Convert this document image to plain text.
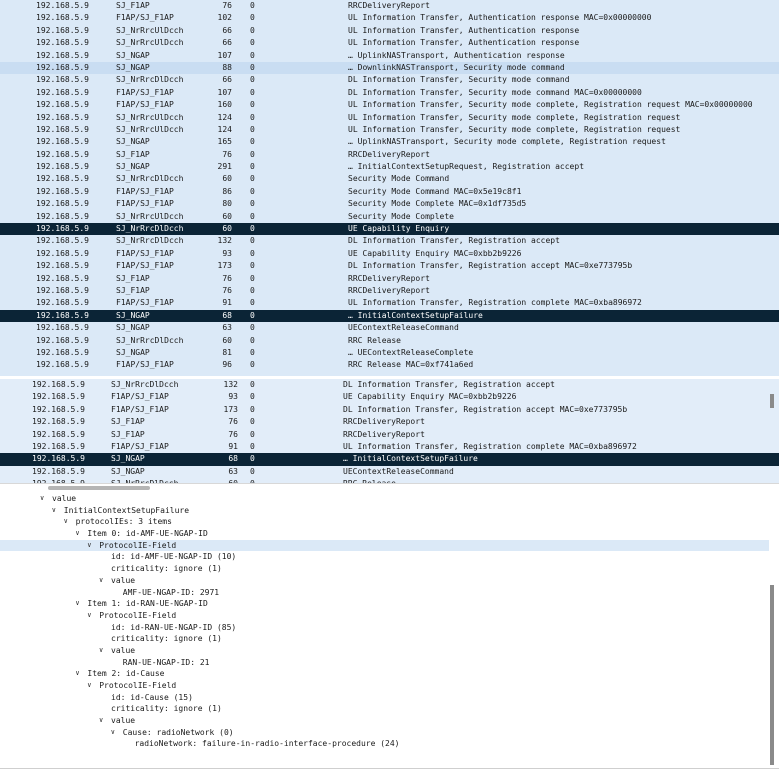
192.168.5.9	SJ_F1AP	76 0	RRCDeliveryReport
192.168.5.9	F1AP/SJ_F1AP	102 0	UL Information Transfer, Authentication response MAC=0x00000000
192.168.5.9	SJ_NrRrcUlDcch	66 0	UL Information Transfer, Authentication response
192.168.5.9	SJ_NrRrcUlDcch	66 0	UL Information Transfer, Authentication response
192.168.5.9	SJ_NGAP	107 0	… UplinkNASTransport, Authentication response
192.168.5.9	SJ_NGAP	88 0	… DownlinkNASTransport, Security mode command
192.168.5.9	SJ_NrRrcDlDcch	66 0	DL Information Transfer, Security mode command
192.168.5.9	F1AP/SJ_F1AP	107 0	DL Information Transfer, Security mode command MAC=0x00000000
192.168.5.9	F1AP/SJ_F1AP	160 0	UL Information Transfer, Security mode complete, Registration request MAC=0x00000000
192.168.5.9	SJ_NrRrcUlDcch	124 0	UL Information Transfer, Security mode complete, Registration request
192.168.5.9	SJ_NrRrcUlDcch	124 0	UL Information Transfer, Security mode complete, Registration request
192.168.5.9	SJ_NGAP	165 0	… UplinkNASTransport, Security mode complete, Registration request
192.168.5.9	SJ_F1AP	76 0	RRCDeliveryReport
192.168.5.9	SJ_NGAP	291 0	… InitialContextSetupRequest, Registration accept
192.168.5.9	SJ_NrRrcDlDcch	60 0	Security Mode Command
192.168.5.9	F1AP/SJ_F1AP	86 0	Security Mode Command MAC=0x5e19c8f1
192.168.5.9	F1AP/SJ_F1AP	80 0	Security Mode Complete MAC=0x1df735d5
192.168.5.9	SJ_NrRrcUlDcch	60 0	Security Mode Complete
192.168.5.9	SJ_NrRrcDlDcch	60 0	UE Capability Enquiry
192.168.5.9	SJ_NrRrcDlDcch	132 0	DL Information Transfer, Registration accept
192.168.5.9	F1AP/SJ_F1AP	93 0	UE Capability Enquiry MAC=0xbb2b9226
192.168.5.9	F1AP/SJ_F1AP	173 0	DL Information Transfer, Registration accept MAC=0xe773795b
192.168.5.9	SJ_F1AP	76 0	RRCDeliveryReport
192.168.5.9	SJ_F1AP	76 0	RRCDeliveryReport
192.168.5.9	F1AP/SJ_F1AP	91 0	UL Information Transfer, Registration complete MAC=0xba896972
192.168.5.9	SJ_NGAP	68 0	… InitialContextSetupFailure
192.168.5.9	SJ_NGAP	63 0	UEContextReleaseCommand
192.168.5.9	SJ_NrRrcDlDcch	60 0	RRC Release
192.168.5.9	SJ_NGAP	81 0	… UEContextReleaseComplete
192.168.5.9	F1AP/SJ_F1AP	96 0	RRC Release MAC=0xf741a6ed
192.168.5.9	SJ_NrRrcDlDcch	132 0	DL Information Transfer, Registration accept
192.168.5.9	F1AP/SJ_F1AP	93 0	UE Capability Enquiry MAC=0xbb2b9226
192.168.5.9	F1AP/SJ_F1AP	173 0	DL Information Transfer, Registration accept MAC=0xe773795b
192.168.5.9	SJ_F1AP	76 0	RRCDeliveryReport
192.168.5.9	SJ_F1AP	76 0	RRCDeliveryReport
192.168.5.9	F1AP/SJ_F1AP	91 0	UL Information Transfer, Registration complete MAC=0xba896972
192.168.5.9	SJ_NGAP	68 0	… InitialContextSetupFailure
192.168.5.9	SJ_NGAP	63 0	UEContextReleaseCommand
∨ value
∨ InitialContextSetupFailure
∨ protocolIEs: 3 items
∨ Item 0: id-AMF-UE-NGAP-ID
∨ ProtocolIE-Field
id: id-AMF-UE-NGAP-ID (10)
criticality: ignore (1)
∨ value
AMF-UE-NGAP-ID: 2971
∨ Item 1: id-RAN-UE-NGAP-ID
∨ ProtocolIE-Field
id: id-RAN-UE-NGAP-ID (85)
criticality: ignore (1)
∨ value
RAN-UE-NGAP-ID: 21
∨ Item 2: id-Cause
∨ ProtocolIE-Field
id: id-Cause (15)
criticality: ignore (1)
∨ value
∨ Cause: radioNetwork (0)
radioNetwork: failure-in-radio-interface-procedure (24)
